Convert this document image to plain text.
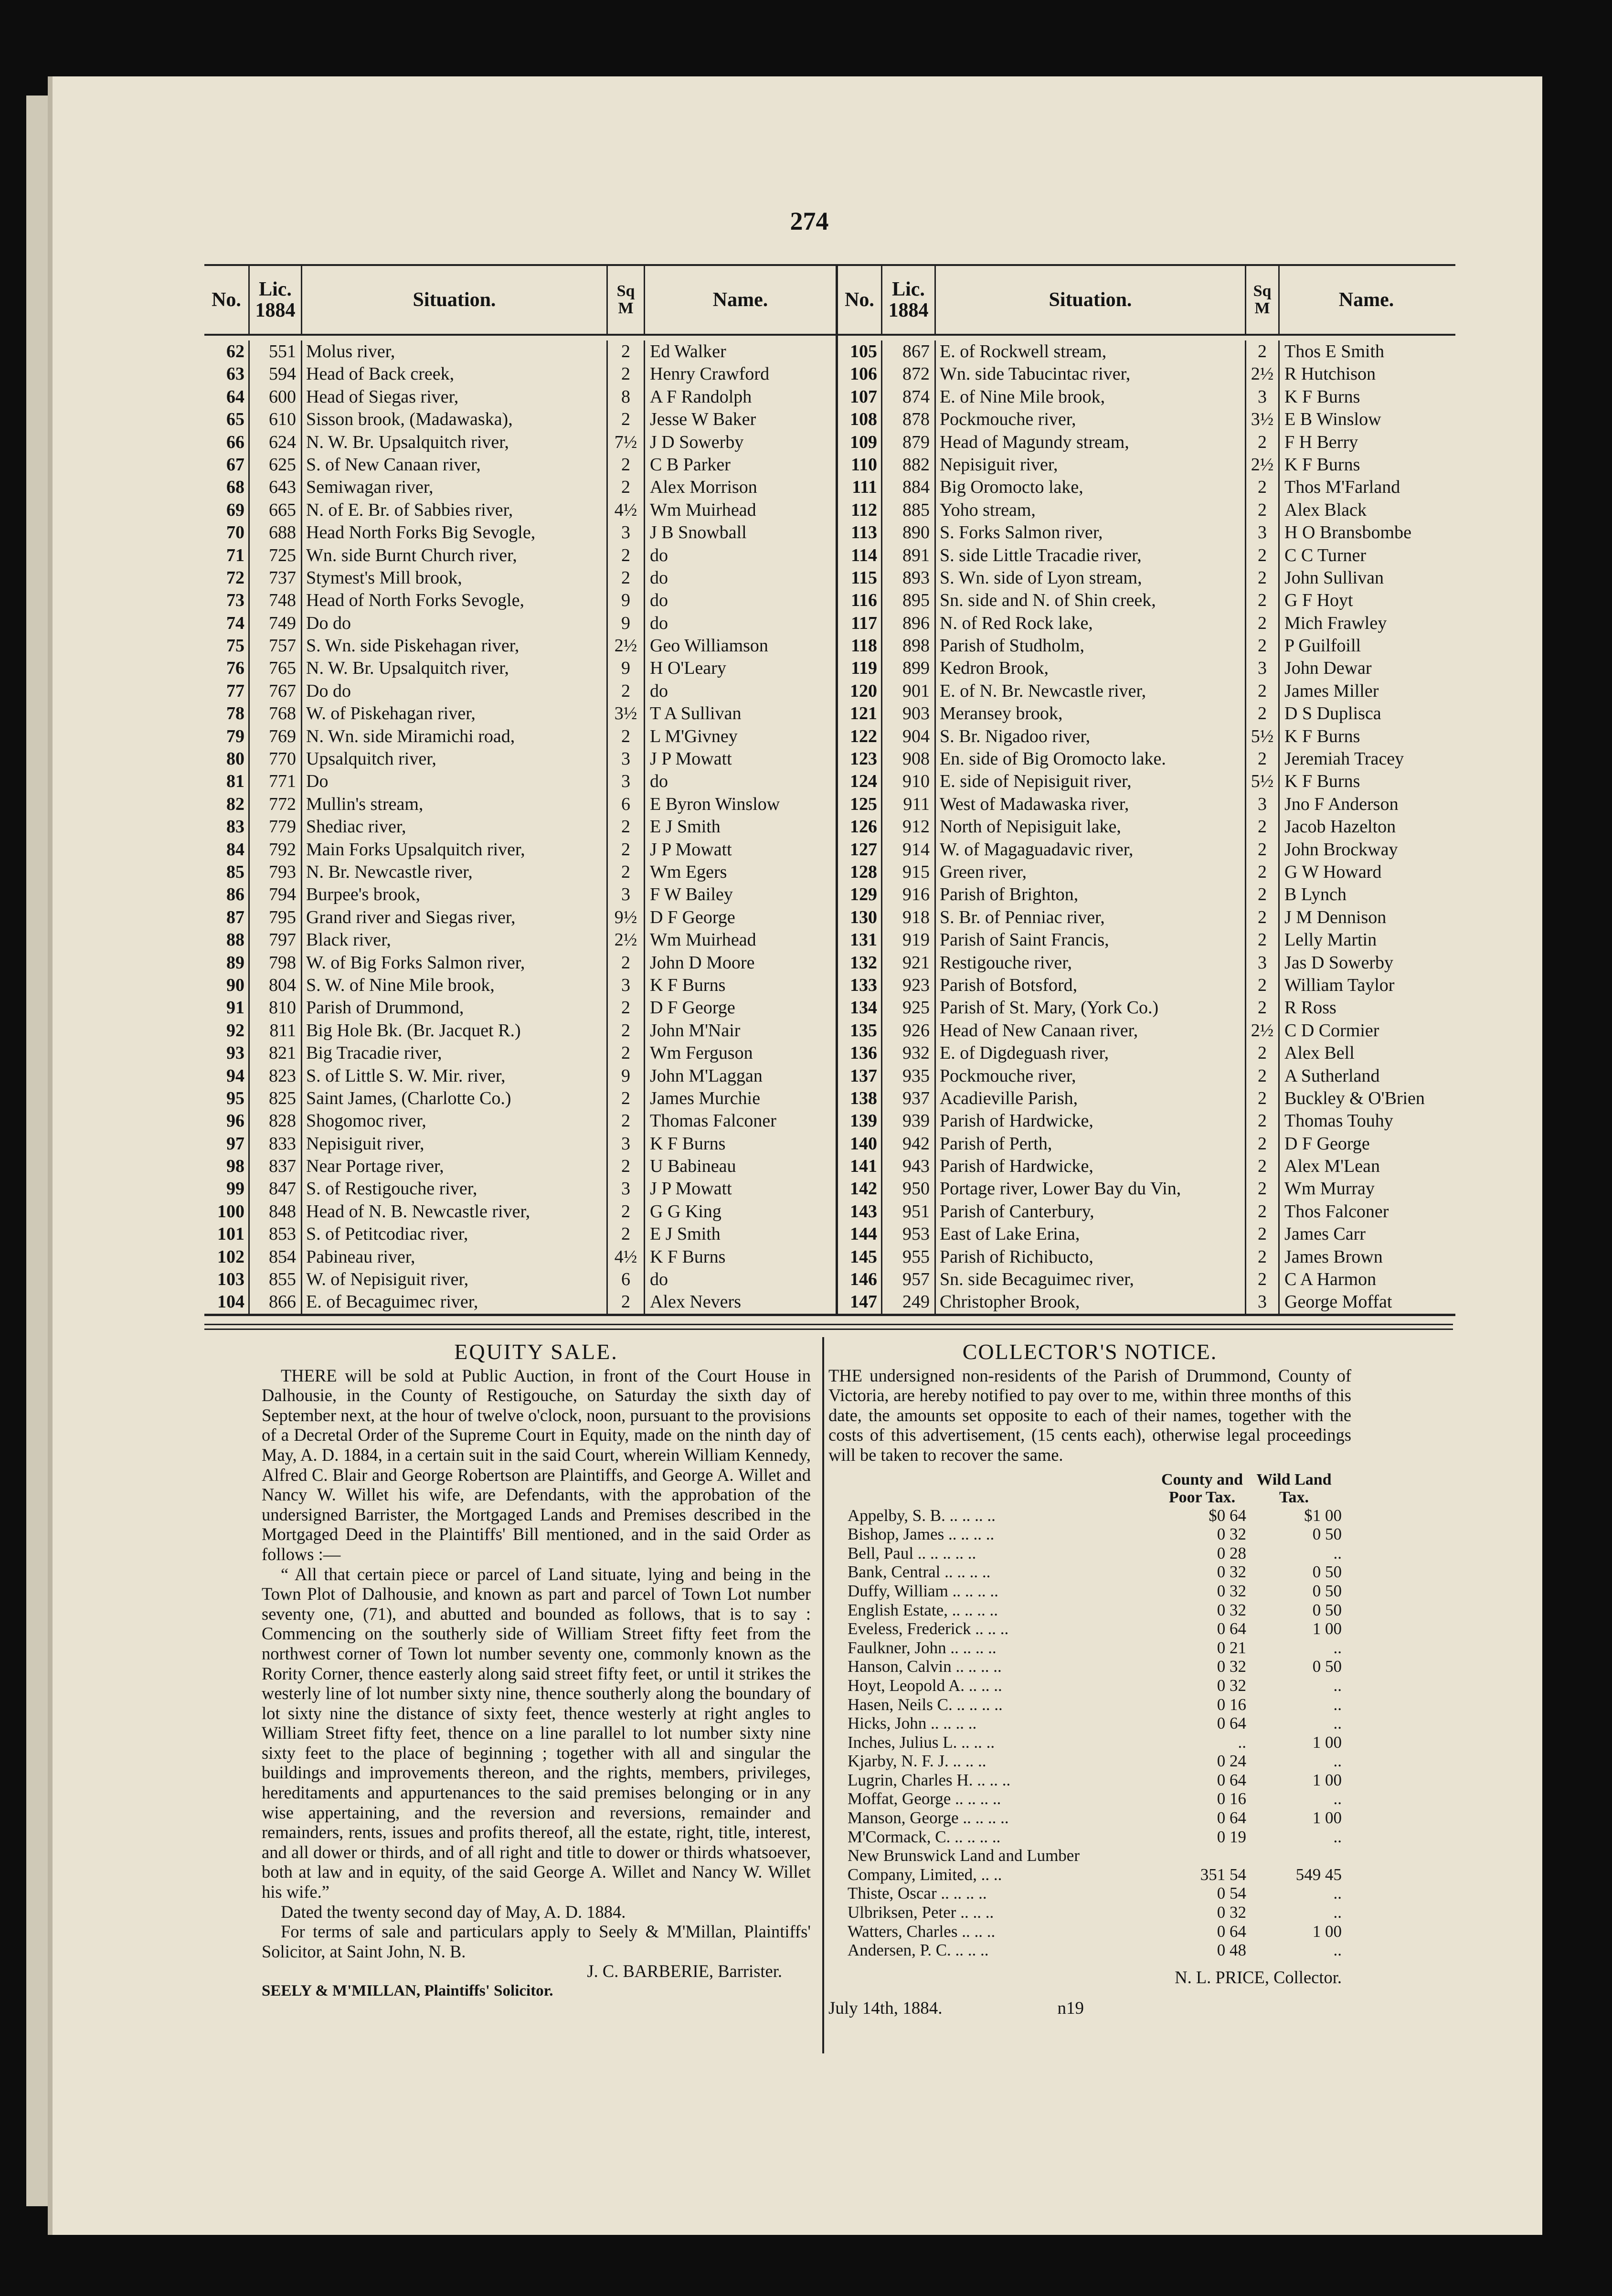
274
No. Lic.
1884	Situation.	Sq
M	Name.
62	551 Molus river,	2	Ed Walker
63	594 Head of Back creek,	2	Henry Crawford
64	600 Head of Siegas river,	8	A F Randolph
65	610 Sisson brook, (Madawaska),	2	Jesse W Baker
66	624 N. W. Br. Upsalquitch river,	7½ J D Sowerby
67	625 S. of New Canaan river,	2	C B Parker
68	643 Semiwagan river,	2	Alex Morrison
69	665 N. of E. Br. of Sabbies river,	4½ Wm Muirhead
70	688 Head North Forks Big Sevogle,	3	J B Snowball
71	725 Wn. side Burnt Church river,	2	do
72	737 Stymest's Mill brook,	2	do
73	748 Head of North Forks Sevogle,	9	do
74	749 Do do	9	do
75	757 S. Wn. side Piskehagan river,	2½ Geo Williamson
76	765 N. W. Br. Upsalquitch river,	9	H O'Leary
77	767 Do do	2	do
78	768 W. of Piskehagan river,	3½ T A Sullivan
79	769 N. Wn. side Miramichi road,	2	L M'Givney
80	770 Upsalquitch river,	3	J P Mowatt
81	771 Do	3	do
82	772 Mullin's stream,	6	E Byron Winslow
83	779 Shediac river,	2	E J Smith
84	792 Main Forks Upsalquitch river,	2	J P Mowatt
85	793 N. Br. Newcastle river,	2	Wm Egers
86	794 Burpee's brook,	3	F W Bailey
87	795 Grand river and Siegas river,	9½ D F George
88	797 Black river,	2½ Wm Muirhead
89	798 W. of Big Forks Salmon river,	2	John D Moore
90	804 S. W. of Nine Mile brook,	3	K F Burns
91	810 Parish of Drummond,	2	D F George
92	811 Big Hole Bk. (Br. Jacquet R.)	2	John M'Nair
93	821 Big Tracadie river,	2	Wm Ferguson
94	823 S. of Little S. W. Mir. river,	9	John M'Laggan
95	825 Saint James, (Charlotte Co.)	2	James Murchie
96	828 Shogomoc river,	2	Thomas Falconer
97	833 Nepisiguit river,	3	K F Burns
98	837 Near Portage river,	2	U Babineau
99	847 S. of Restigouche river,	3	J P Mowatt
100	848 Head of N. B. Newcastle river,	2	G G King
101	853 S. of Petitcodiac river,	2	E J Smith
102	854 Pabineau river,	4½ K F Burns
103	855 W. of Nepisiguit river,	6	do
104	866 E. of Becaguimec river,	2	Alex Nevers
No. Lic.
1884	Situation.	Sq
M	Name.
105	867 E. of Rockwell stream,	2 Thos E Smith
106	872 Wn. side Tabucintac river,	2½ R Hutchison
107	874 E. of Nine Mile brook,	3 K F Burns
108	878 Pockmouche river,	3½ E B Winslow
109	879 Head of Magundy stream,	2 F H Berry
110	882 Nepisiguit river,	2½ K F Burns
111	884 Big Oromocto lake,	2 Thos M'Farland
112	885 Yoho stream,	2 Alex Black
113	890 S. Forks Salmon river,	3 H O Bransbombe
114	891 S. side Little Tracadie river,	2 C C Turner
115	893 S. Wn. side of Lyon stream,	2 John Sullivan
116	895 Sn. side and N. of Shin creek,	2 G F Hoyt
117	896 N. of Red Rock lake,	2 Mich Frawley
118	898 Parish of Studholm,	2 P Guilfoill
119	899 Kedron Brook,	3 John Dewar
120	901 E. of N. Br. Newcastle river,	2 James Miller
121	903 Meransey brook,	2 D S Duplisca
122	904 S. Br. Nigadoo river,	5½ K F Burns
123	908 En. side of Big Oromocto lake.	2 Jeremiah Tracey
124	910 E. side of Nepisiguit river,	5½ K F Burns
125	911 West of Madawaska river,	3 Jno F Anderson
126	912 North of Nepisiguit lake,	2 Jacob Hazelton
127	914 W. of Magaguadavic river,	2 John Brockway
128	915 Green river,	2 G W Howard
129	916 Parish of Brighton,	2 B Lynch
130	918 S. Br. of Penniac river,	2 J M Dennison
131	919 Parish of Saint Francis,	2 Lelly Martin
132	921 Restigouche river,	3 Jas D Sowerby
133	923 Parish of Botsford,	2 William Taylor
134	925 Parish of St. Mary, (York Co.)	2 R Ross
135	926 Head of New Canaan river,	2½ C D Cormier
136	932 E. of Digdeguash river,	2 Alex Bell
137	935 Pockmouche river,	2 A Sutherland
138	937 Acadieville Parish,	2 Buckley & O'Brien
139	939 Parish of Hardwicke,	2 Thomas Touhy
140	942 Parish of Perth,	2 D F George
141	943 Parish of Hardwicke,	2 Alex M'Lean
142	950 Portage river, Lower Bay du Vin,	2 Wm Murray
143	951 Parish of Canterbury,	2 Thos Falconer
144	953 East of Lake Erina,	2 James Carr
145	955 Parish of Richibucto,	2 James Brown
146	957 Sn. side Becaguimec river,	2 C A Harmon
147	249 Christopher Brook,	3 George Moffat
EQUITY SALE.

THERE will be sold at Public Auction, in front of the Court House in Dalhousie, in the County of Restigouche, on Saturday the sixth day of September next, at the hour of twelve o'clock, noon, pursuant to the provisions of a Decretal Order of the Supreme Court in Equity, made on the ninth day of May, A. D. 1884, in a certain suit in the said Court, wherein William Kennedy, Alfred C. Blair and George Robertson are Plaintiffs, and George A. Willet and Nancy W. Willet his wife, are Defendants, with the approbation of the undersigned Barrister, the Mortgaged Lands and Premises described in the Mortgaged Deed in the Plaintiffs' Bill mentioned, and in the said Order as follows :—

“ All that certain piece or parcel of Land situate, lying and being in the Town Plot of Dalhousie, and known as part and parcel of Town Lot number seventy one, (71), and abutted and bounded as follows, that is to say : Commencing on the southerly side of William Street fifty feet from the northwest corner of Town lot number seventy one, commonly known as the Rority Corner, thence easterly along said street fifty feet, or until it strikes the westerly line of lot number sixty nine, thence southerly along the boundary of lot sixty nine the distance of sixty feet, thence westerly at right angles to William Street fifty feet, thence on a line parallel to lot number sixty nine sixty feet to the place of beginning ; together with all and singular the buildings and improvements thereon, and the rights, members, privileges, hereditaments and appurtenances to the said premises belonging or in any wise appertaining, and the reversion and reversions, remainder and remainders, rents, issues and profits thereof, all the estate, right, title, interest, and all dower or thirds, and of all right and title to dower or thirds whatsoever, both at law and in equity, of the said George A. Willet and Nancy W. Willet his wife.”

Dated the twenty second day of May, A. D. 1884.

For terms of sale and particulars apply to Seely & M'Millan, Plaintiffs' Solicitor, at Saint John, N. B.

J. C. BARBERIE, Barrister.

SEELY & M'MILLAN, Plaintiffs' Solicitor.

COLLECTOR'S NOTICE.

THE undersigned non-residents of the Parish of Drummond, County of Victoria, are hereby notified to pay over to me, within three months of this date, the amounts set opposite to each of their names, together with the costs of this advertisement, (15 cents each), otherwise legal proceedings will be taken to recover the same.

County and
Poor Tax.
Wild Land
Tax.
Appelby, S. B. .. .. .. ..	$0 64	$1 00
Bishop, James .. .. .. ..	0 32	0 50
Bell, Paul .. .. .. .. ..	0 28	..
Bank, Central .. .. .. ..	0 32	0 50
Duffy, William .. .. .. ..	0 32	0 50
English Estate, .. .. .. ..	0 32	0 50
Eveless, Frederick .. .. ..	0 64	1 00
Faulkner, John .. .. .. ..	0 21	..
Hanson, Calvin .. .. .. ..	0 32	0 50
Hoyt, Leopold A. .. .. ..	0 32	..
Hasen, Neils C. .. .. .. ..	0 16	..
Hicks, John .. .. .. ..	0 64	..
Inches, Julius L. .. .. ..	..	1 00
Kjarby, N. F. J. .. .. ..	0 24	..
Lugrin, Charles H. .. .. ..	0 64	1 00
Moffat, George .. .. .. ..	0 16	..
Manson, George .. .. .. ..	0 64	1 00
M'Cormack, C. .. .. .. ..	0 19	..
New Brunswick Land and Lumber
Company, Limited, .. ..	351 54	549 45
Thiste, Oscar .. .. .. ..	0 54	..
Ulbriksen, Peter .. .. ..	0 32	..
Watters, Charles .. .. ..	0 64	1 00
Andersen, P. C. .. .. ..	0 48	..
N. L. PRICE, Collector.
July 14th, 1884.	n19
